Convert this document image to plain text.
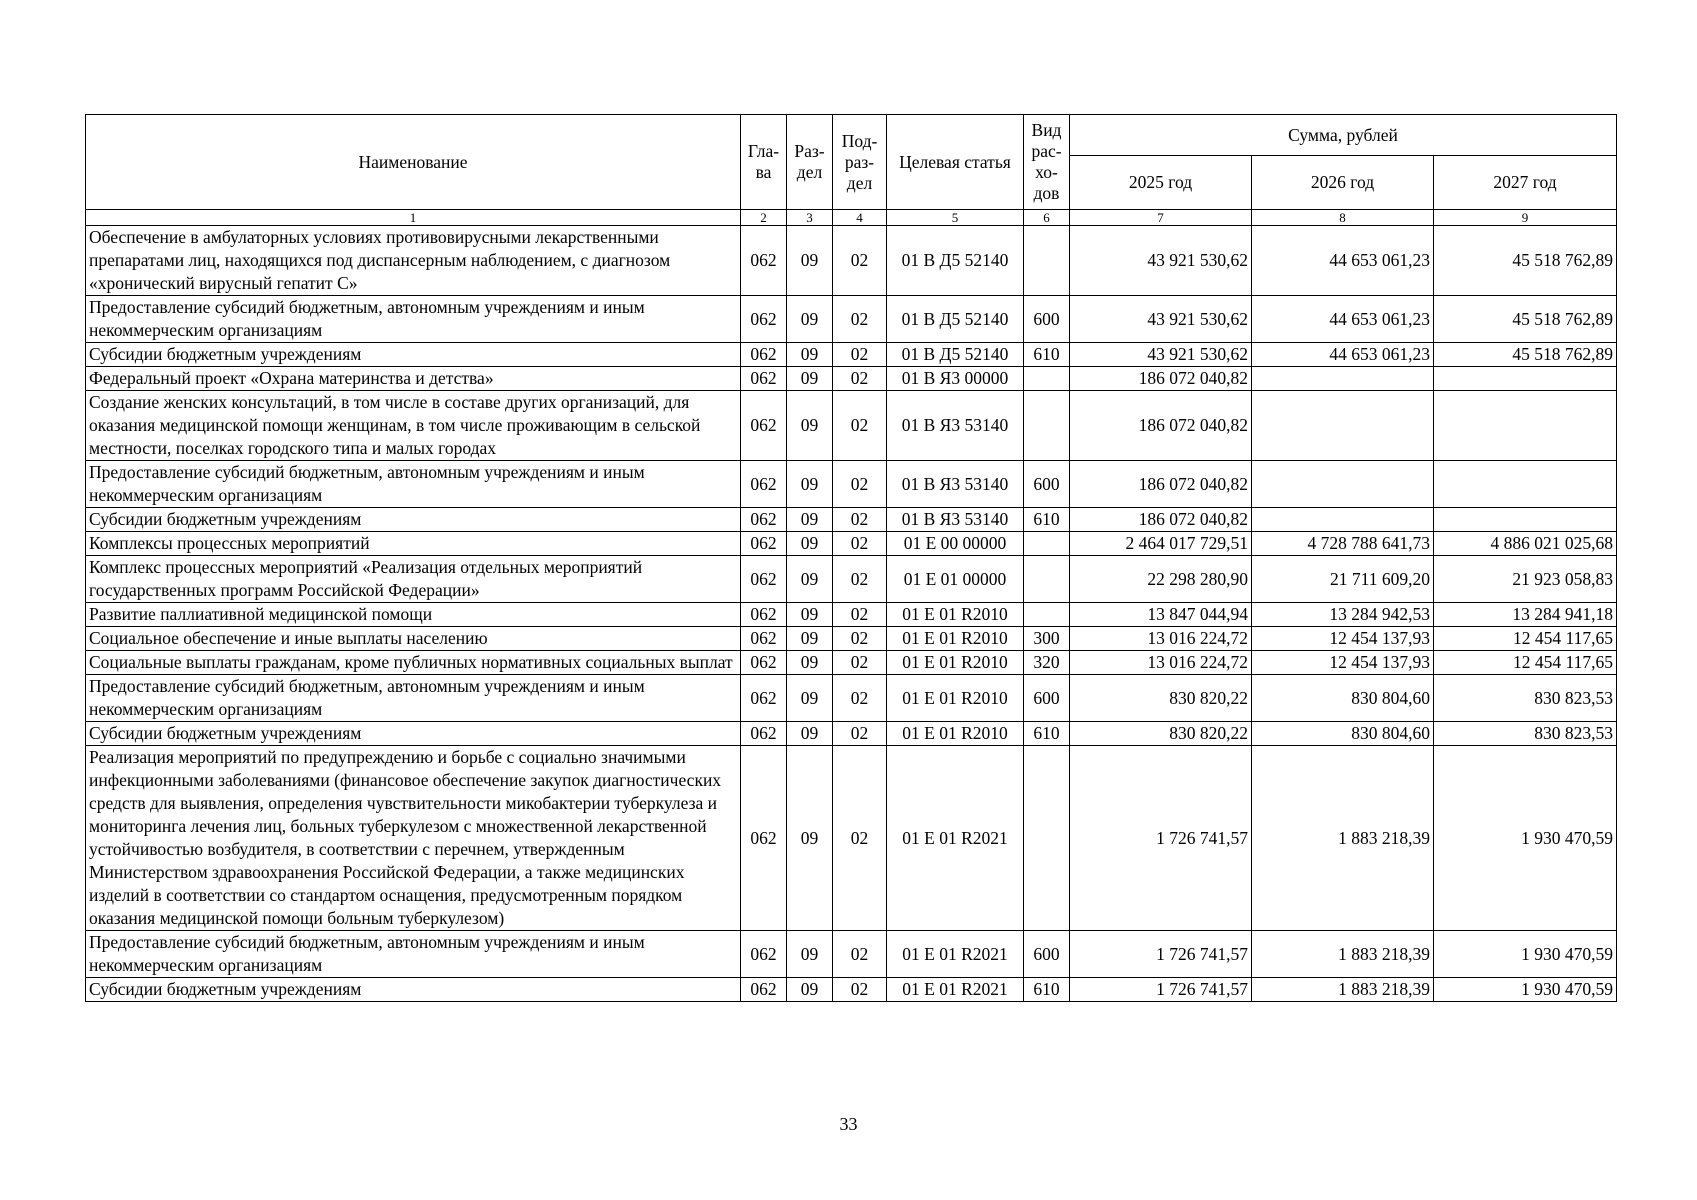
Наименование	Гла-ва	Раз-дел	Под-раз-дел	Целевая статья	Вид рас-хо-дов	Сумма, рублей		
						2025 год	2026 год	2027 год
1	2	3	4	5	6	7	8	9
Обеспечение в амбулаторных условиях противовирусными лекарственными препаратами лиц, находящихся под диспансерным наблюдением, с диагнозом «хронический вирусный гепатит С»	062	09	02	01 В Д5 52140		43 921 530,62	44 653 061,23	45 518 762,89
Предоставление субсидий бюджетным, автономным учреждениям и иным некоммерческим организациям	062	09	02	01 В Д5 52140	600	43 921 530,62	44 653 061,23	45 518 762,89
Субсидии бюджетным учреждениям	062	09	02	01 В Д5 52140	610	43 921 530,62	44 653 061,23	45 518 762,89
Федеральный проект «Охрана материнства и детства»	062	09	02	01 В Я3 00000		186 072 040,82		
Создание женских консультаций, в том числе в составе других организаций, для оказания медицинской помощи женщинам, в том числе проживающим в сельской местности, поселках городского типа и малых городах	062	09	02	01 В Я3 53140		186 072 040,82		
Предоставление субсидий бюджетным, автономным учреждениям и иным некоммерческим организациям	062	09	02	01 В Я3 53140	600	186 072 040,82		
Субсидии бюджетным учреждениям	062	09	02	01 В Я3 53140	610	186 072 040,82		
Комплексы процессных мероприятий	062	09	02	01 Е 00 00000		2 464 017 729,51	4 728 788 641,73	4 886 021 025,68
Комплекс процессных мероприятий «Реализация отдельных мероприятий государственных программ Российской Федерации»	062	09	02	01 Е 01 00000		22 298 280,90	21 711 609,20	21 923 058,83
Развитие паллиативной медицинской помощи	062	09	02	01 Е 01 R2010		13 847 044,94	13 284 942,53	13 284 941,18
Социальное обеспечение и иные выплаты населению	062	09	02	01 Е 01 R2010	300	13 016 224,72	12 454 137,93	12 454 117,65
Социальные выплаты гражданам, кроме публичных нормативных социальных выплат	062	09	02	01 Е 01 R2010	320	13 016 224,72	12 454 137,93	12 454 117,65
Предоставление субсидий бюджетным, автономным учреждениям и иным некоммерческим организациям	062	09	02	01 Е 01 R2010	600	830 820,22	830 804,60	830 823,53
Субсидии бюджетным учреждениям	062	09	02	01 Е 01 R2010	610	830 820,22	830 804,60	830 823,53
Реализация мероприятий по предупреждению и борьбе с социально значимыми инфекционными заболеваниями (финансовое обеспечение закупок диагностических средств для выявления, определения чувствительности микобактерии туберкулеза и мониторинга лечения лиц, больных туберкулезом с множественной лекарственной устойчивостью возбудителя, в соответствии с перечнем, утвержденным Министерством здравоохранения Российской Федерации, а также медицинских изделий в соответствии со стандартом оснащения, предусмотренным порядком оказания медицинской помощи больным туберкулезом)	062	09	02	01 Е 01 R2021		1 726 741,57	1 883 218,39	1 930 470,59
Предоставление субсидий бюджетным, автономным учреждениям и иным некоммерческим организациям	062	09	02	01 Е 01 R2021	600	1 726 741,57	1 883 218,39	1 930 470,59
Субсидии бюджетным учреждениям	062	09	02	01 Е 01 R2021	610	1 726 741,57	1 883 218,39	1 930 470,59
33
